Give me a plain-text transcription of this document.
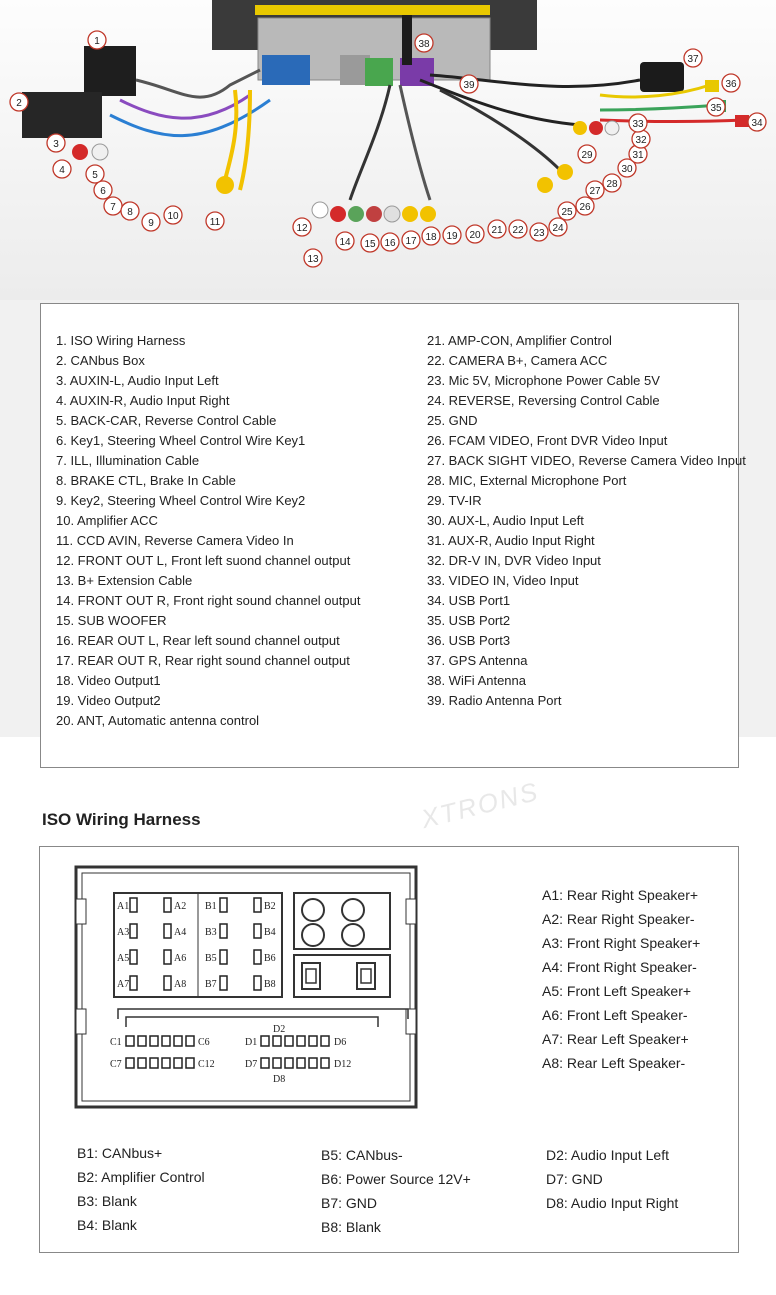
1
2
3
4	5
6
7 8
9
10
11
12
13
14 15 16 17 18 19 20 21 22 23 24
25 26
27
28
29
30
31
32
33	34
35
36
37
38
39
1. ISO Wiring Harness
2. CANbus Box
3. AUXIN-L, Audio Input Left
4. AUXIN-R, Audio Input Right
5. BACK-CAR, Reverse Control Cable
6. Key1, Steering Wheel Control Wire Key1
7. ILL, Illumination Cable
8. BRAKE CTL, Brake In Cable
9. Key2, Steering Wheel Control Wire Key2
10. Amplifier ACC
11. CCD AVIN, Reverse Camera Video In
12. FRONT OUT L, Front left suond channel output
13. B+ Extension Cable
14. FRONT OUT R, Front right sound channel output
15. SUB WOOFER
16. REAR OUT L, Rear left sound channel output
17. REAR OUT R, Rear right sound channel output
18. Video Output1
19. Video Output2
20. ANT, Automatic antenna control
21. AMP-CON, Amplifier Control
22. CAMERA B+, Camera ACC
23. Mic 5V, Microphone Power Cable 5V
24. REVERSE, Reversing Control Cable
25. GND
26. FCAM VIDEO, Front DVR Video Input
27. BACK SIGHT VIDEO, Reverse Camera Video Input
28. MIC, External Microphone Port
29. TV-IR
30. AUX-L, Audio Input Left
31. AUX-R, Audio Input Right
32. DR-V IN, DVR Video Input
33. VIDEO IN, Video Input
34. USB Port1
35. USB Port2
36. USB Port3
37. GPS Antenna
38. WiFi Antenna
39. Radio Antenna Port
XTRONS
ISO Wiring Harness
A1	A2
A3	A4
A5	A6
A7	A8
B1	B2
B3	B4
B5	B6
B7	B8
C1	C6
C7	C12
D1	D6
D7	D12
D2
D8
A1: Rear Right Speaker+
A2: Rear Right Speaker-
A3: Front Right Speaker+
A4: Front Right Speaker-
A5: Front Left Speaker+
A6: Front Left Speaker-
A7: Rear Left Speaker+
A8: Rear Left Speaker-
B1: CANbus+
B2: Amplifier Control
B3: Blank
B4: Blank
B5: CANbus-
B6: Power Source 12V+
B7: GND
B8: Blank
D2: Audio Input Left
D7: GND
D8: Audio Input Right
